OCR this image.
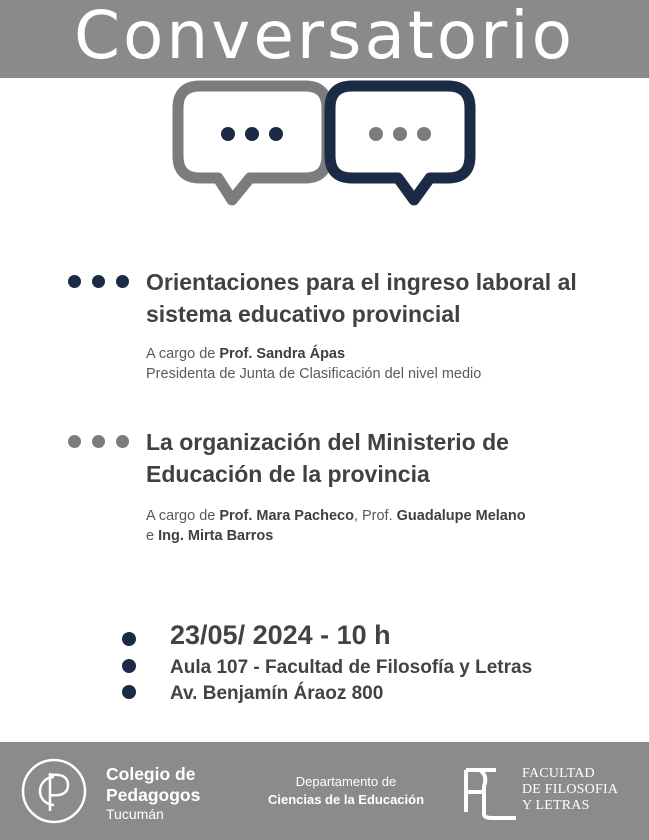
Conversatorio
Orientaciones para el ingreso laboral al
sistema educativo provincial
A cargo de Prof. Sandra Ápas
Presidenta de Junta de Clasificación del nivel medio
La organización del Ministerio de
Educación de la provincia
A cargo de Prof. Mara Pacheco, Prof. Guadalupe Melano
e Ing. Mirta Barros
23/05/ 2024 - 10 h
Aula 107 - Facultad de Filosofía y Letras
Av. Benjamín Áraoz 800
Colegio de
Pedagogos
Tucumán
Departamento de
Ciencias de la Educación
FACULTAD
DE FILOSOFIA
Y LETRAS
